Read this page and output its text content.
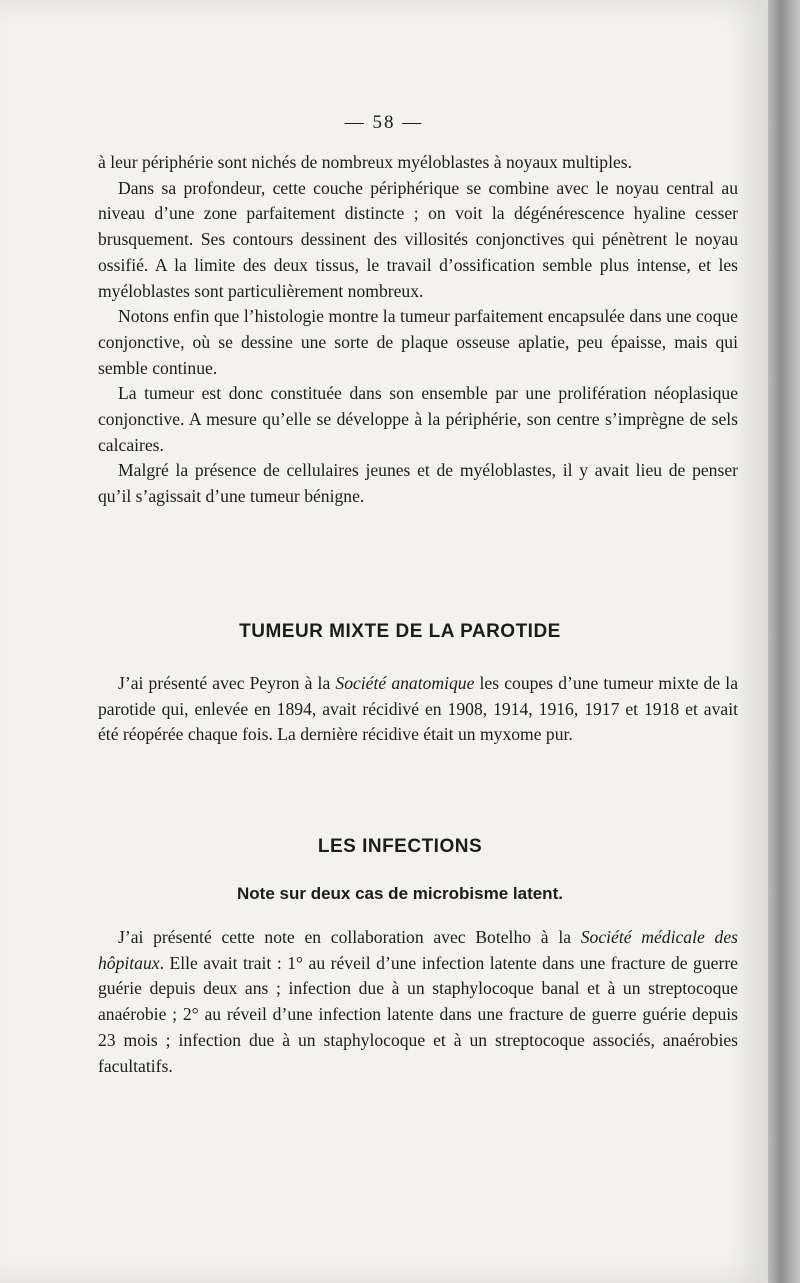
— 58 —

à leur périphérie sont nichés de nombreux myéloblastes à noyaux multiples.

Dans sa profondeur, cette couche périphérique se combine avec le noyau central au niveau d’une zone parfaitement distincte ; on voit la dégénérescence hyaline cesser brusquement. Ses contours dessinent des villosités conjonctives qui pénètrent le noyau ossifié. A la limite des deux tissus, le travail d’ossification semble plus intense, et les myéloblastes sont particulièrement nombreux.

Notons enfin que l’histologie montre la tumeur parfaitement encapsulée dans une coque conjonctive, où se dessine une sorte de plaque osseuse aplatie, peu épaisse, mais qui semble continue.

La tumeur est donc constituée dans son ensemble par une prolifération néoplasique conjonctive. A mesure qu’elle se développe à la périphérie, son centre s’imprègne de sels calcaires.

Malgré la présence de cellulaires jeunes et de myéloblastes, il y avait lieu de penser qu’il s’agissait d’une tumeur bénigne.

TUMEUR MIXTE DE LA PAROTIDE

J’ai présenté avec Peyron à la Société anatomique les coupes d’une tumeur mixte de la parotide qui, enlevée en 1894, avait récidivé en 1908, 1914, 1916, 1917 et 1918 et avait été réopérée chaque fois. La dernière récidive était un myxome pur.

LES INFECTIONS
Note sur deux cas de microbisme latent.

J’ai présenté cette note en collaboration avec Botelho à la Société médicale des hôpitaux. Elle avait trait : 1° au réveil d’une infection latente dans une fracture de guerre guérie depuis deux ans ; infection due à un staphylocoque banal et à un streptocoque anaérobie ; 2° au réveil d’une infection latente dans une fracture de guerre guérie depuis 23 mois ; infection due à un staphylocoque et à un streptocoque associés, anaérobies facultatifs.
